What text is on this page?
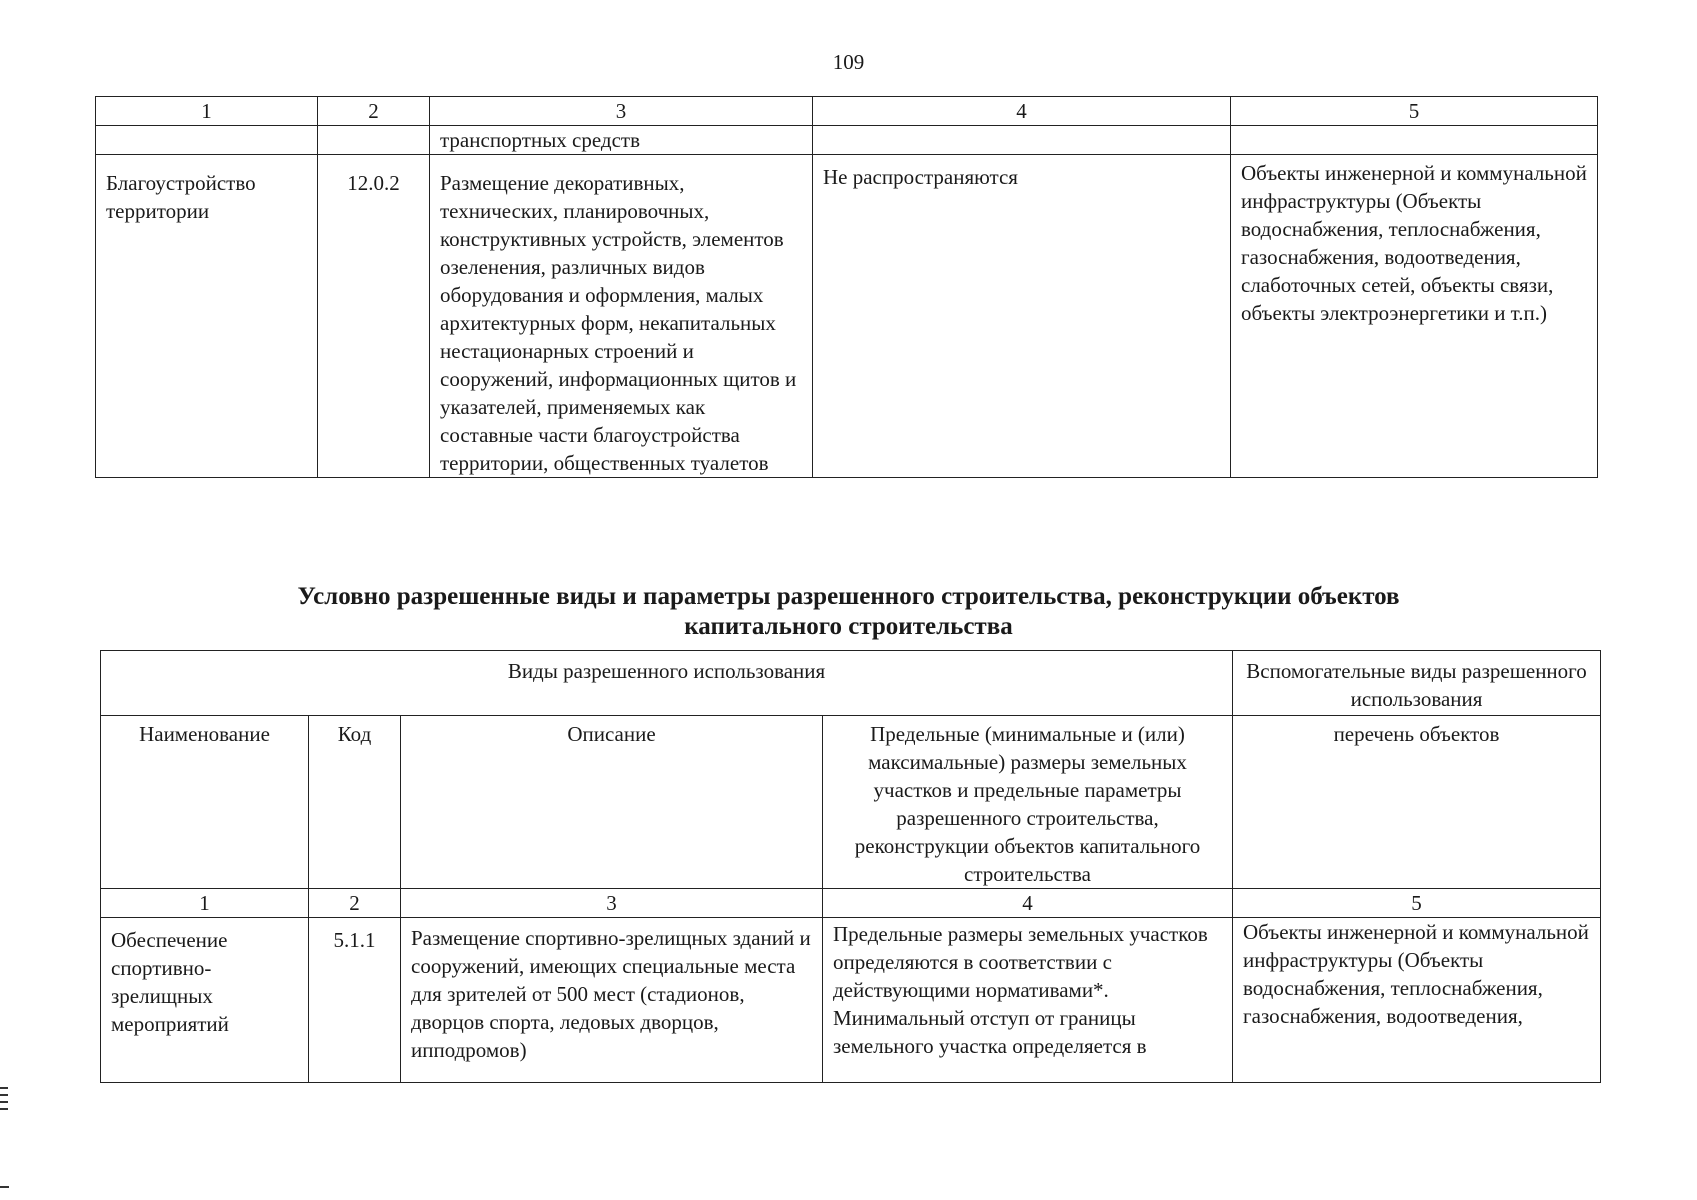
109
1	2	3	4	5
		транспортных средств		
Благоустройство территории	12.0.2	Размещение декоративных, технических, планировочных, конструктивных устройств, элементов озеленения, различных видов оборудования и оформления, малых архитектурных форм, некапитальных нестационарных строений и сооружений, информационных щитов и указателей, применяемых как составные части благоустройства территории, общественных туалетов	Не распространяются	Объекты инженерной и коммунальной инфраструктуры (Объекты водоснабжения, теплоснабжения, газоснабжения, водоотведения, слаботочных сетей, объекты связи, объекты электроэнергетики и т.п.)
Условно разрешенные виды и параметры разрешенного строительства, реконструкции объектов
капитального строительства
Виды разрешенного использования				Вспомогательные виды разрешенного использования
Наименование	Код	Описание	Предельные (минимальные и (или) максимальные) размеры земельных участков и предельные параметры разрешенного строительства, реконструкции объектов капитального строительства	перечень объектов
1	2	3	4	5
Обеспечение спортивно-зрелищных мероприятий	5.1.1	Размещение спортивно-зрелищных зданий и сооружений, имеющих специальные места для зрителей от 500 мест (стадионов, дворцов спорта, ледовых дворцов, ипподромов)	Предельные размеры земельных участков определяются в соответствии с действующими нормативами*. Минимальный отступ от границы земельного участка определяется в	Объекты инженерной и коммунальной инфраструктуры (Объекты водоснабжения, теплоснабжения, газоснабжения, водоотведения,
